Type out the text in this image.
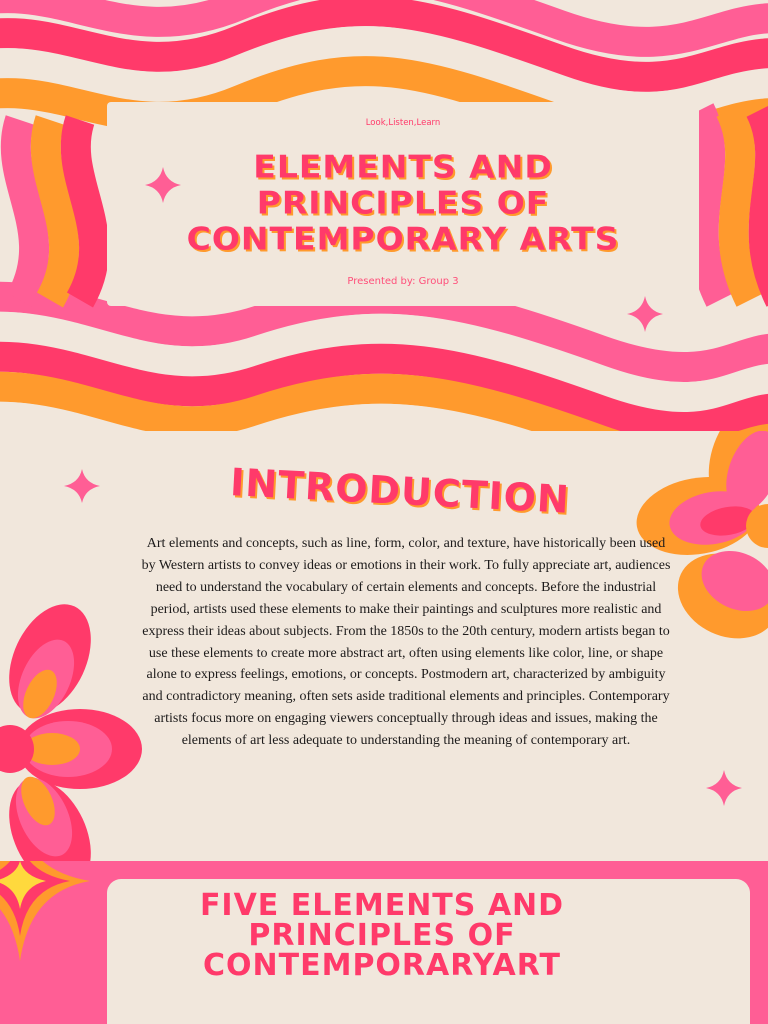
Look,Listen,Learn
ELEMENTS AND
PRINCIPLES OF
CONTEMPORARY ARTS
Presented by: Group 3
INTRODUCTION

Art elements and concepts, such as line, form, color, and texture, have historically been used by Western artists to convey ideas or emotions in their work. To fully appreciate art, audiences need to understand the vocabulary of certain elements and concepts. Before the industrial period, artists used these elements to make their paintings and sculptures more realistic and express their ideas about subjects. From the 1850s to the 20th century, modern artists began to use these elements to create more abstract art, often using elements like color, line, or shape alone to express feelings, emotions, or concepts. Postmodern art, characterized by ambiguity and contradictory meaning, often sets aside traditional elements and principles. Contemporary artists focus more on engaging viewers conceptually through ideas and issues, making the elements of art less adequate to understanding the meaning of contemporary art.

FIVE ELEMENTS AND
PRINCIPLES OF
CONTEMPORARYART
